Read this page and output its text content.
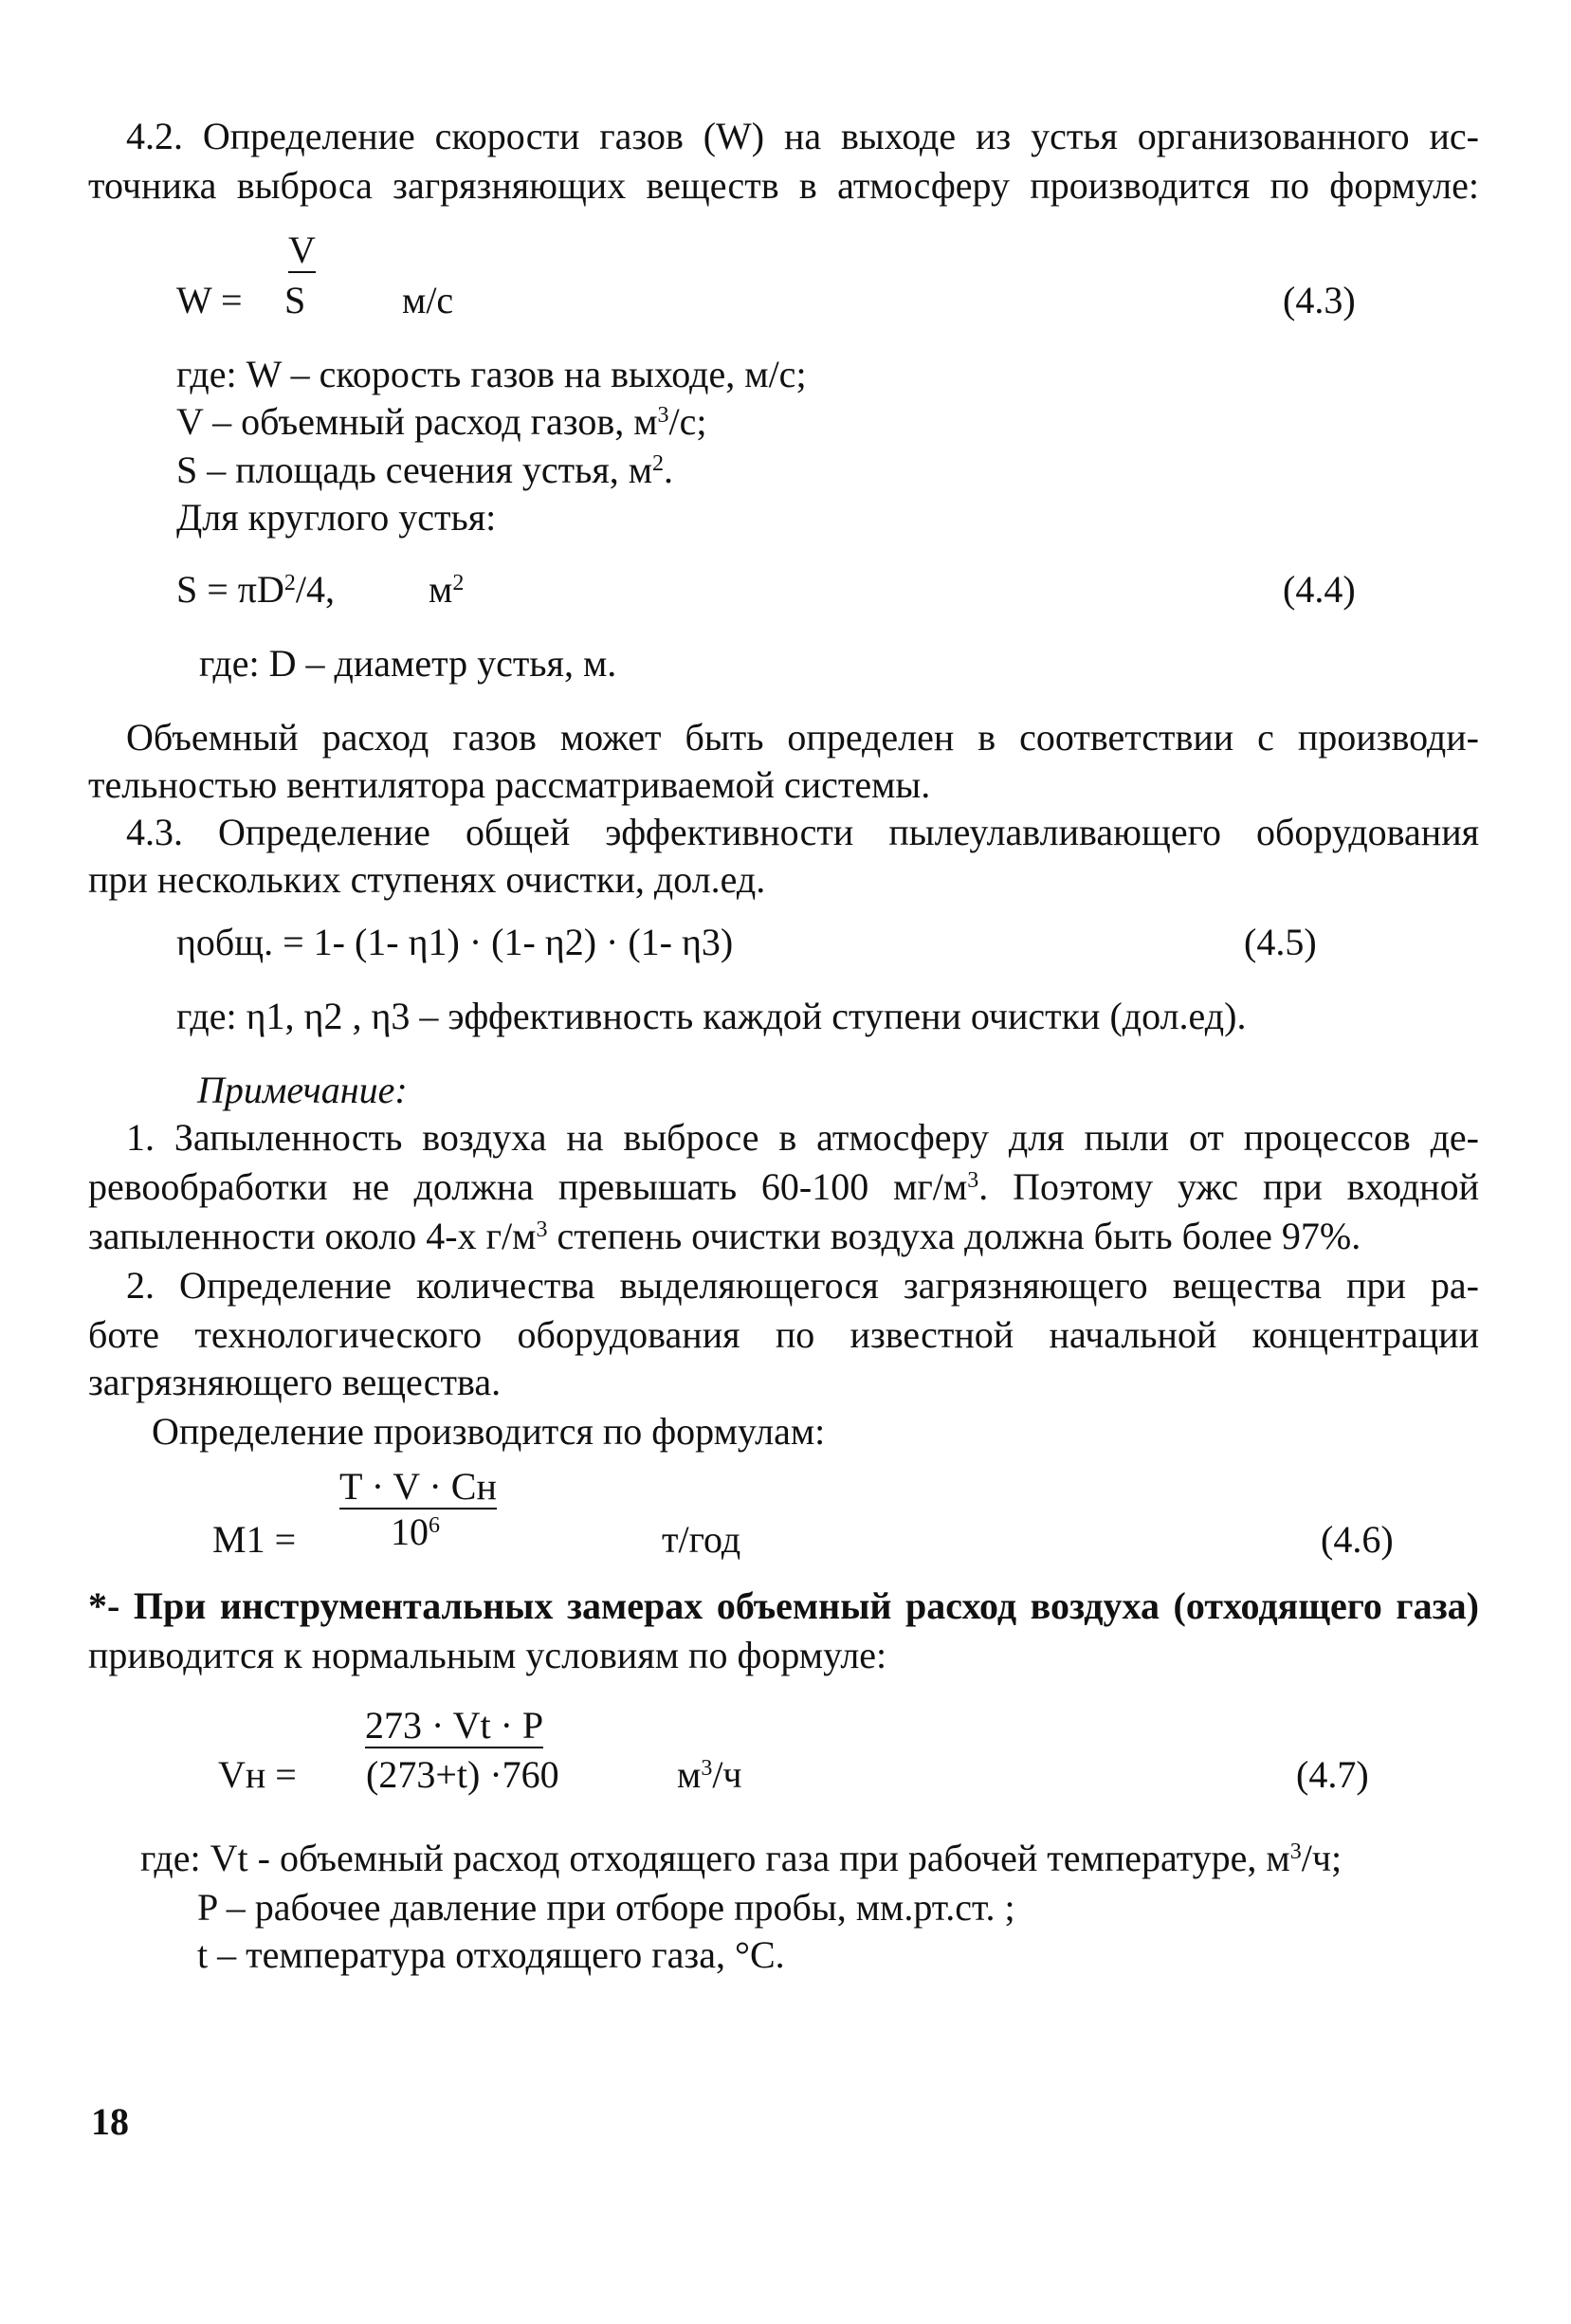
4.2. Определение скорости газов (W) на выходе из устья организованного ис-
точника выброса загрязняющих веществ в атмосферу производится по формуле:
V
W = S	м/с	(4.3)
где: W – скорость газов на выходе, м/с;
V – объемный расход газов, $м^3/с$;
S – площадь сечения устья, $м^2$.
Для круглого устья:
$S = \pi D^2/4$, $м^2$	(4.4)
где: D – диаметр устья, м.
Объемный расход газов может быть определен в соответствии с производи-
тельностью вентилятора рассматриваемой системы.
4.3. Определение общей эффективности пылеулавливающего оборудования
при нескольких ступенях очистки, дол.ед.
ηобщ. = 1- (1- η1) · (1- η2) · (1- η3)	(4.5)
где: η1, η2 , η3 – эффективность каждой ступени очистки (дол.ед).
Примечание:
1. Запыленность воздуха на выбросе в атмосферу для пыли от процессов де-
ревообработки не должна превышать 60-100 $мг/м^3$. Поэтому ужс при входной
запыленности около 4-х $г/м^3$ степень очистки воздуха должна быть более 97%.
2. Определение количества выделяющегося загрязняющего вещества при ра-
боте технологического оборудования по известной начальной концентрации
загрязняющего вещества.
Определение производится по формулам:
T · V · Cн
$M1 = 10^6$	т/год	(4.6)
*- При инструментальных замерах объемный расход воздуха (отходящего газа)
приводится к нормальным условиям по формуле:
273 · Vt · P
Vн = (273+t) ·760	$м^3/ч$	(4.7)
где: Vt - объемный расход отходящего газа при рабочей температуре, $м^3/ч$;
P – рабочее давление при отборе пробы, мм.рт.ст. ;
t – температура отходящего газа, °С.
18
